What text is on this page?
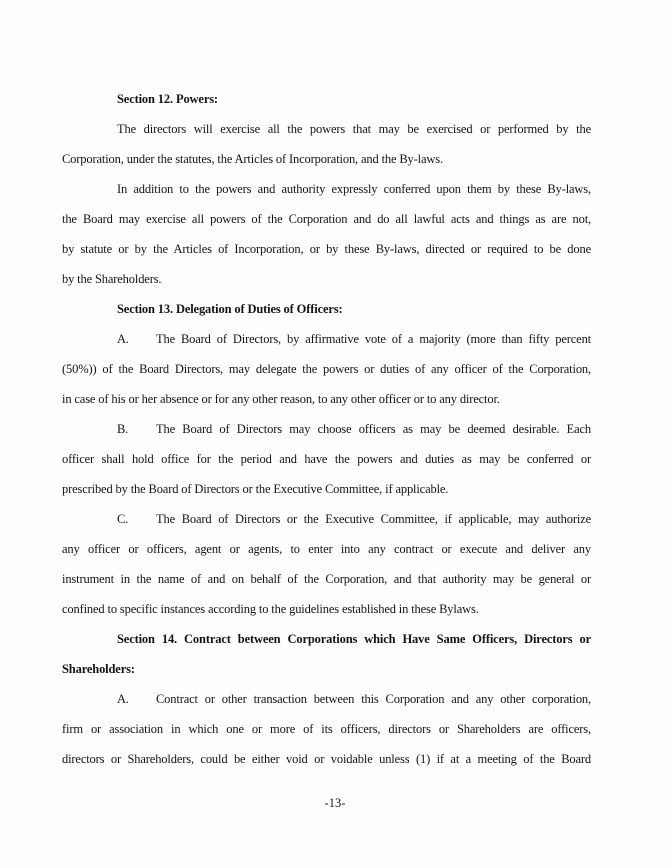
Section 12. Powers:
The directors will exercise all the powers that may be exercised or performed by the
Corporation, under the statutes, the Articles of Incorporation, and the By-laws.
In addition to the powers and authority expressly conferred upon them by these By-laws,
the Board may exercise all powers of the Corporation and do all lawful acts and things as are not,
by statute or by the Articles of Incorporation, or by these By-laws, directed or required to be done
by the Shareholders.
Section 13. Delegation of Duties of Officers:
A. The Board of Directors, by affirmative vote of a majority (more than fifty percent
(50%)) of the Board Directors, may delegate the powers or duties of any officer of the Corporation,
in case of his or her absence or for any other reason, to any other officer or to any director.
B. The Board of Directors may choose officers as may be deemed desirable. Each
officer shall hold office for the period and have the powers and duties as may be conferred or
prescribed by the Board of Directors or the Executive Committee, if applicable.
C. The Board of Directors or the Executive Committee, if applicable, may authorize
any officer or officers, agent or agents, to enter into any contract or execute and deliver any
instrument in the name of and on behalf of the Corporation, and that authority may be general or
confined to specific instances according to the guidelines established in these Bylaws.
Section 14. Contract between Corporations which Have Same Officers, Directors or
Shareholders:
A. Contract or other transaction between this Corporation and any other corporation,
firm or association in which one or more of its officers, directors or Shareholders are officers,
directors or Shareholders, could be either void or voidable unless (1) if at a meeting of the Board
-13-
